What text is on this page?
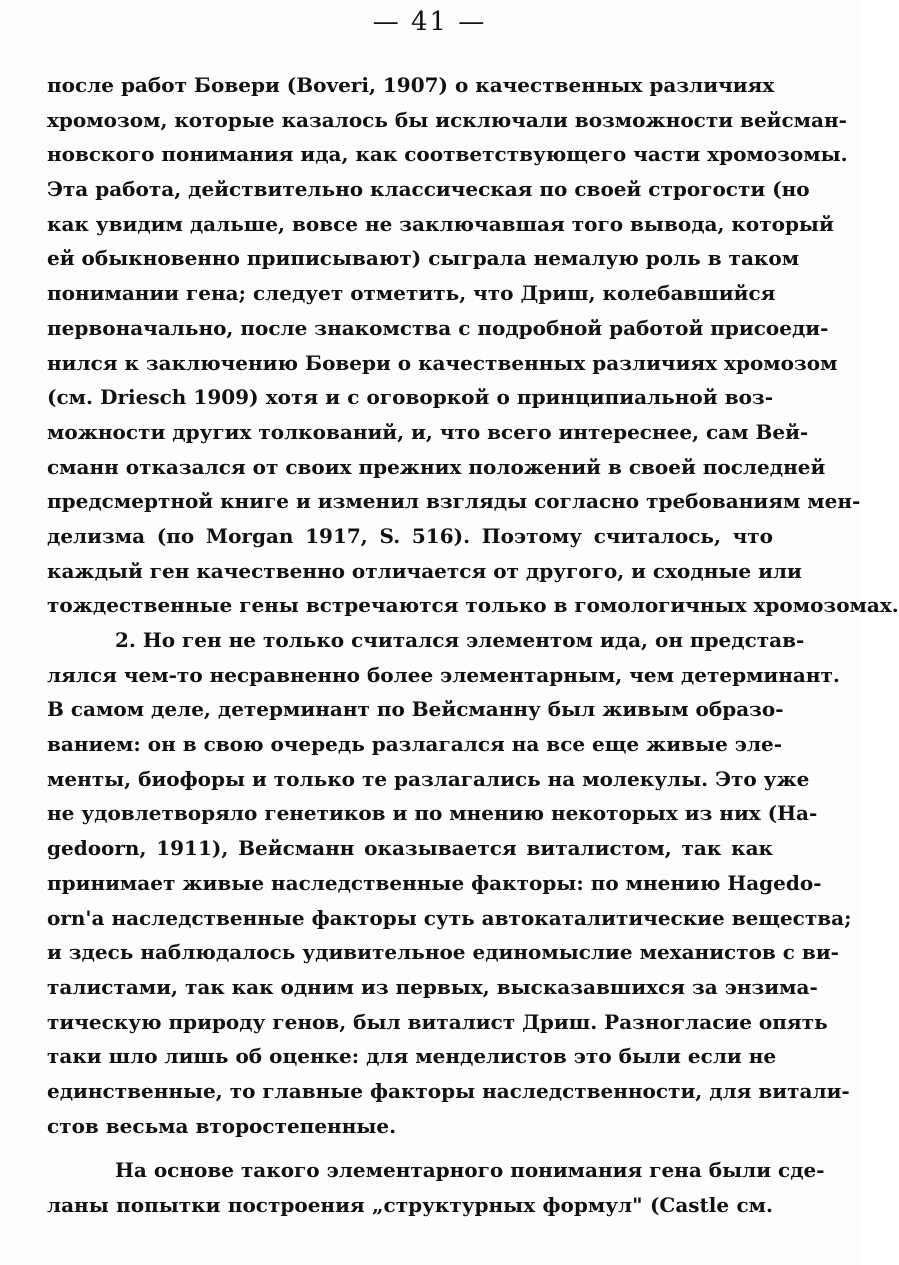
— 41 —
после работ Бовери (Boveri, 1907) о качественных различиях
хромозом, которые казалось бы исключали возможности вейсман-
новского понимания ида, как соответствующего части хромозомы.
Эта работа, действительно классическая по своей строгости (но
как увидим дальше, вовсе не заключавшая того вывода, который
ей обыкновенно приписывают) сыграла немалую роль в таком
понимании гена; следует отметить, что Дриш, колебавшийся
первоначально, после знакомства с подробной работой присоеди-
нился к заключению Бовери о качественных различиях хромозом
(см. Driesch 1909) хотя и с оговоркой о принципиальной воз-
можности других толкований, и, что всего интереснее, сам Вей-
сманн отказался от своих прежних положений в своей последней
предсмертной книге и изменил взгляды согласно требованиям мен-
делизма (по Morgan 1917, S. 516). Поэтому считалось, что
каждый ген качественно отличается от другого, и сходные или
тождественные гены встречаются только в гомологичных хромозомах.
2. Но ген не только считался элементом ида, он представ-
лялся чем-то несравненно более элементарным, чем детерминант.
В самом деле, детерминант по Вейсманну был живым образо-
ванием: он в свою очередь разлагался на все еще живые эле-
менты, биофоры и только те разлагались на молекулы. Это уже
не удовлетворяло генетиков и по мнению некоторых из них (Ha-
gedoorn, 1911), Вейсманн оказывается виталистом, так как
принимает живые наследственные факторы: по мнению Hagedo-
orn'a наследственные факторы суть автокаталитические вещества;
и здесь наблюдалось удивительное единомыслие механистов с ви-
талистами, так как одним из первых, высказавшихся за энзима-
тическую природу генов, был виталист Дриш. Разногласие опять
таки шло лишь об оценке: для менделистов это были если не
единственные, то главные факторы наследственности, для витали-
стов весьма второстепенные.
На основе такого элементарного понимания гена были сде-
ланы попытки построения „структурных формул" (Castle см.
